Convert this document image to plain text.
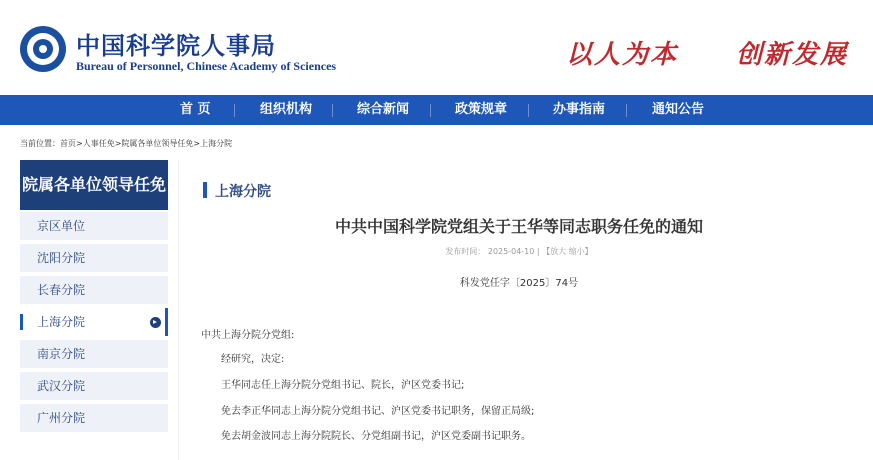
中国科学院人事局
Bureau of Personnel, Chinese Academy of Sciences	以人为本 创新发展
首 页	组织机构	综合新闻	政策规章	办事指南	通知公告
当前位置：首页>人事任免>院属各单位领导任免>上海分院
院属各单位领导任免
京区单位
沈阳分院
长春分院
上海分院
南京分院
武汉分院
广州分院
上海分院
中共中国科学院党组关于王华等同志职务任免的通知
发布时间： 2025-04-10 | 【放大 缩小】
科发党任字〔2025〕74号
中共上海分院分党组:
经研究，决定:
王华同志任上海分院分党组书记、院长，沪区党委书记;
免去李正华同志上海分院分党组书记、沪区党委书记职务，保留正局级;
免去胡金波同志上海分院院长、分党组副书记，沪区党委副书记职务。
